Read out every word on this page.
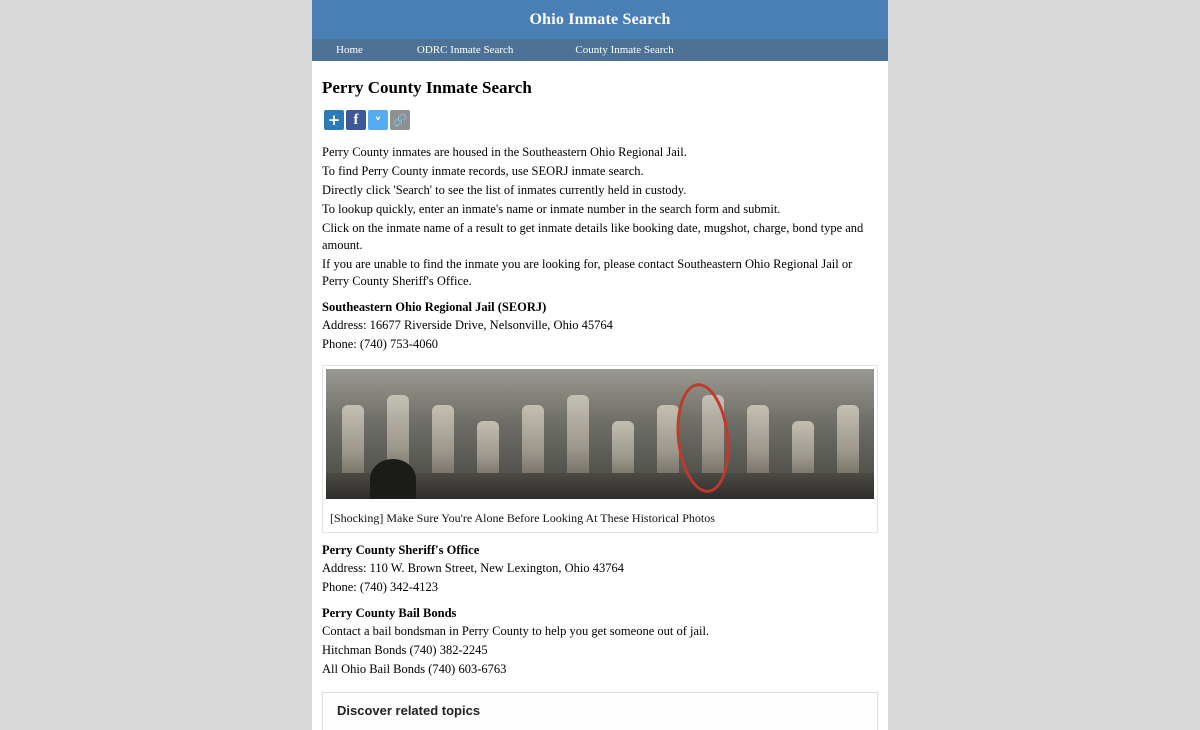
Ohio Inmate Search
Home	ODRC Inmate Search	County Inmate Search
Perry County Inmate Search
+ f	ᵛ 🔗

Perry County inmates are housed in the Southeastern Ohio Regional Jail.

To find Perry County inmate records, use SEORJ inmate search.

Directly click 'Search' to see the list of inmates currently held in custody.

To lookup quickly, enter an inmate's name or inmate number in the search form and submit.

Click on the inmate name of a result to get inmate details like booking date, mugshot, charge, bond type and amount.

If you are unable to find the inmate you are looking for, please contact Southeastern Ohio Regional Jail or Perry County Sheriff's Office.

Southeastern Ohio Regional Jail (SEORJ)

Address: 16677 Riverside Drive, Nelsonville, Ohio 45764

Phone: (740) 753-4060

[Shocking] Make Sure You're Alone Before Looking At These Historical Photos
Perry County Sheriff's Office

Address: 110 W. Brown Street, New Lexington, Ohio 43764

Phone: (740) 342-4123

Perry County Bail Bonds

Contact a bail bondsman in Perry County to help you get someone out of jail.

Hitchman Bonds (740) 382-2245

All Ohio Bail Bonds (740) 603-6763

Discover related topics
